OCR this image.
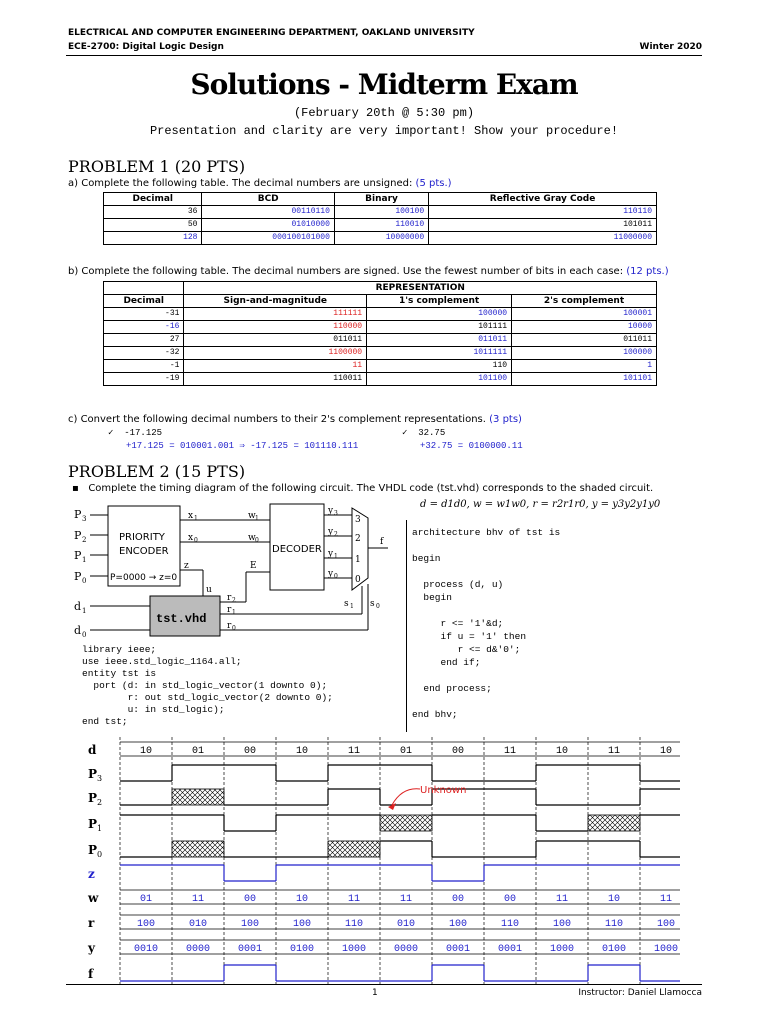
ELECTRICAL AND COMPUTER ENGINEERING DEPARTMENT, OAKLAND UNIVERSITY
ECE-2700: Digital Logic Design	Winter 2020
Solutions - Midterm Exam
(February 20th @ 5:30 pm)
Presentation and clarity are very important! Show your procedure!
PROBLEM 1 (20 PTS)
a) Complete the following table. The decimal numbers are unsigned: (5 pts.)
Decimal	BCD	Binary	Reflective Gray Code
36	00110110	100100	110110
50	01010000	110010	101011
128	000100101000	10000000	11000000
b) Complete the following table. The decimal numbers are signed. Use the fewest number of bits in each case: (12 pts.)
	REPRESENTATION		
Decimal	Sign-and-magnitude	1's complement	2's complement
-31	111111	100000	100001
-16	110000	101111	10000
27	011011	011011	011011
-32	1100000	1011111	100000
-1	11	110	1
-19	110011	101100	101101
c) Convert the following decimal numbers to their 2's complement representations. (3 pts)
✓  -17.125
+17.125 = 010001.001 ⇒ -17.125 = 101110.111
✓  32.75
+32.75 = 0100000.11
PROBLEM 2 (15 PTS)
▪   Complete the timing diagram of the following circuit. The VHDL code (tst.vhd) corresponds to the shaded circuit.
d = d1d0, w = w1w0, r = r2r1r0, y = y3y2y1y0
P 3
P 2
P 1
P 0
d 1
d 0
PRIORITY
ENCODER
P=0000 → z=0
DECODER
tst.vhd
x 1
x 0
w 1
w 0
z
u
E
y 3
y 2
y 1
y 0
3
2
1
0
f
s 1 s 0
r 2
r 1
r 0
library ieee;
use ieee.std_logic_1164.all;
entity tst is
port (d: in std_logic_vector(1 downto 0);
r: out std_logic_vector(2 downto 0);
u: in std_logic);
end tst;
architecture bhv of tst is

begin

process (d, u)
begin

r <= '1'&d;
if u = '1' then
r <= d&'0';
end if;

end process;

end bhv;
d
P 3
P 2
P 1
P 0
z
w
r
y
f
10	01	00	10	11	01	00	11	10	11	10
01	11	00	10	11	11	00	00	11	10	11
100	010	100	100	110	010	100	110	100	110	100
0010	0000	0001	0100	1000	0000	0001	0001	1000	0100	1000
Unknown
1	Instructor: Daniel Llamocca
